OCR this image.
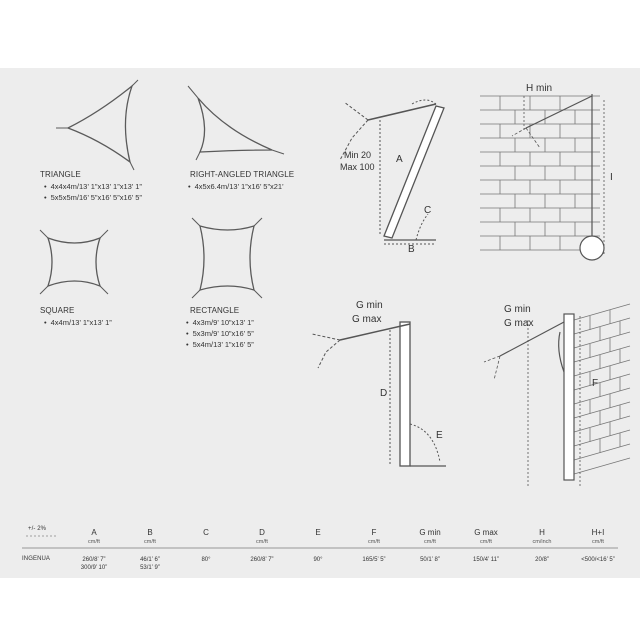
TRIANGLE
• 4x4x4m/13’ 1”x13’ 1”x13’ 1”
• 5x5x5m/16’ 5”x16’ 5”x16’ 5”
RIGHT-ANGLED TRIANGLE
• 4x5x6.4m/13’ 1”x16’ 5”x21’
SQUARE
• 4x4m/13’ 1”x13’ 1”
RECTANGLE
• 4x3m/9’ 10”x13’ 1”
• 5x3m/9’ 10”x16’ 5”
• 5x4m/13’ 1”x16’ 5”
Min 20
Max 100
A
B
C
H min
I
G min
G max
D
E
G min
G max
F
+/- 2%
INGENUA
A
cm/ft
260/8’ 7”
300/9’ 10”
B
cm/ft
46/1’ 6”
53/1’ 9”
C
80°
D
cm/ft
260/8’ 7”
E
90°
F
cm/ft
165/5’ 5”
G min
cm/ft
50/1’ 8”
G max
cm/ft
150/4’ 11”
H
cm/inch
20/8”
H+I
cm/ft
<500/<16’ 5”
